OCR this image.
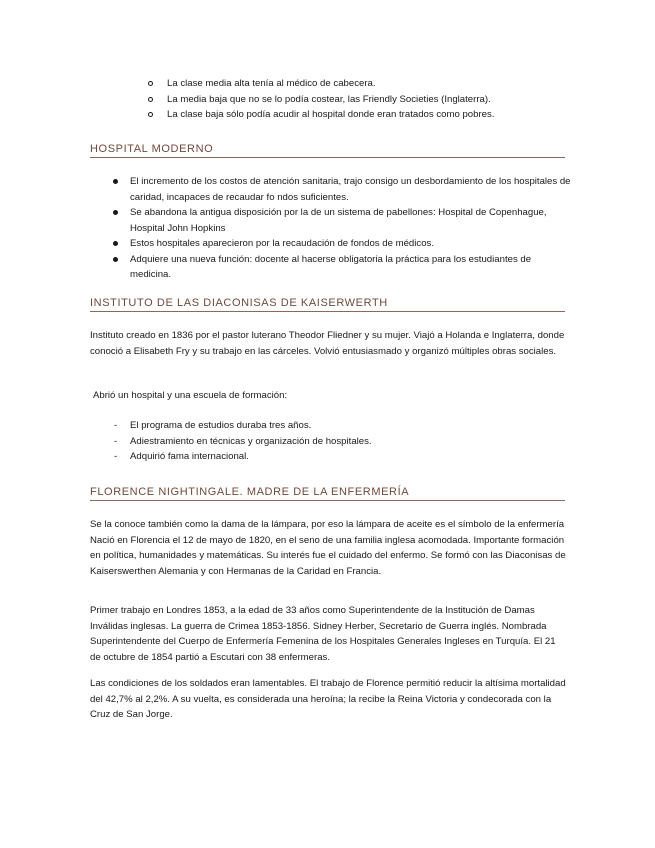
La clase media alta tenía al médico de cabecera.
La media baja que no se lo podía costear, las Friendly Societies (Inglaterra).
La clase baja sólo podía acudir al hospital donde eran tratados como pobres.
HOSPITAL MODERNO
El incremento de los costos de atención sanitaria, trajo consigo un desbordamiento de los hospitales de caridad, incapaces de recaudar fo ndos suficientes.
Se abandona la antigua disposición por la de un sistema de pabellones: Hospital de Copenhague, Hospital John Hopkins
Estos hospitales aparecieron por la recaudación de fondos de médicos.
Adquiere una nueva función: docente al hacerse obligatoria la práctica para los estudiantes de medicina.
INSTITUTO DE LAS DIACONISAS DE KAISERWERTH

Instituto creado en 1836 por el pastor luterano Theodor Fliedner y su mujer. Viajó a Holanda e Inglaterra, donde conoció a Elisabeth Fry y su trabajo en las cárceles. Volvió entusiasmado y organizó múltiples obras sociales.

Abrió un hospital y una escuela de formación:

- El programa de estudios duraba tres años.
- Adiestramiento en técnicas y organización de hospitales.
- Adquirió fama internacional.
FLORENCE NIGHTINGALE. MADRE DE LA ENFERMERÍA

Se la conoce también como la dama de la lámpara, por eso la lámpara de aceite es el símbolo de la enfermería Nació en Florencia el 12 de mayo de 1820, en el seno de una familia inglesa acomodada. Importante formación en política, humanidades y matemáticas. Su interés fue el cuidado del enfermo. Se formó con las Diaconisas de Kaiserswerthen Alemania y con Hermanas de la Caridad en Francia.

Primer trabajo en Londres 1853, a la edad de 33 años como Superintendente de la Institución de Damas Inválidas inglesas. La guerra de Crimea 1853-1856. Sidney Herber, Secretario de Guerra inglés. Nombrada Superintendente del Cuerpo de Enfermería Femenina de los Hospitales Generales Ingleses en Turquía. El 21 de octubre de 1854 partió a Escutari con 38 enfermeras.

Las condiciones de los soldados eran lamentables. El trabajo de Florence permitió reducir la altísima mortalidad del 42,7% al 2,2%. A su vuelta, es considerada una heroína; la recibe la Reina Victoria y condecorada con la Cruz de San Jorge.
